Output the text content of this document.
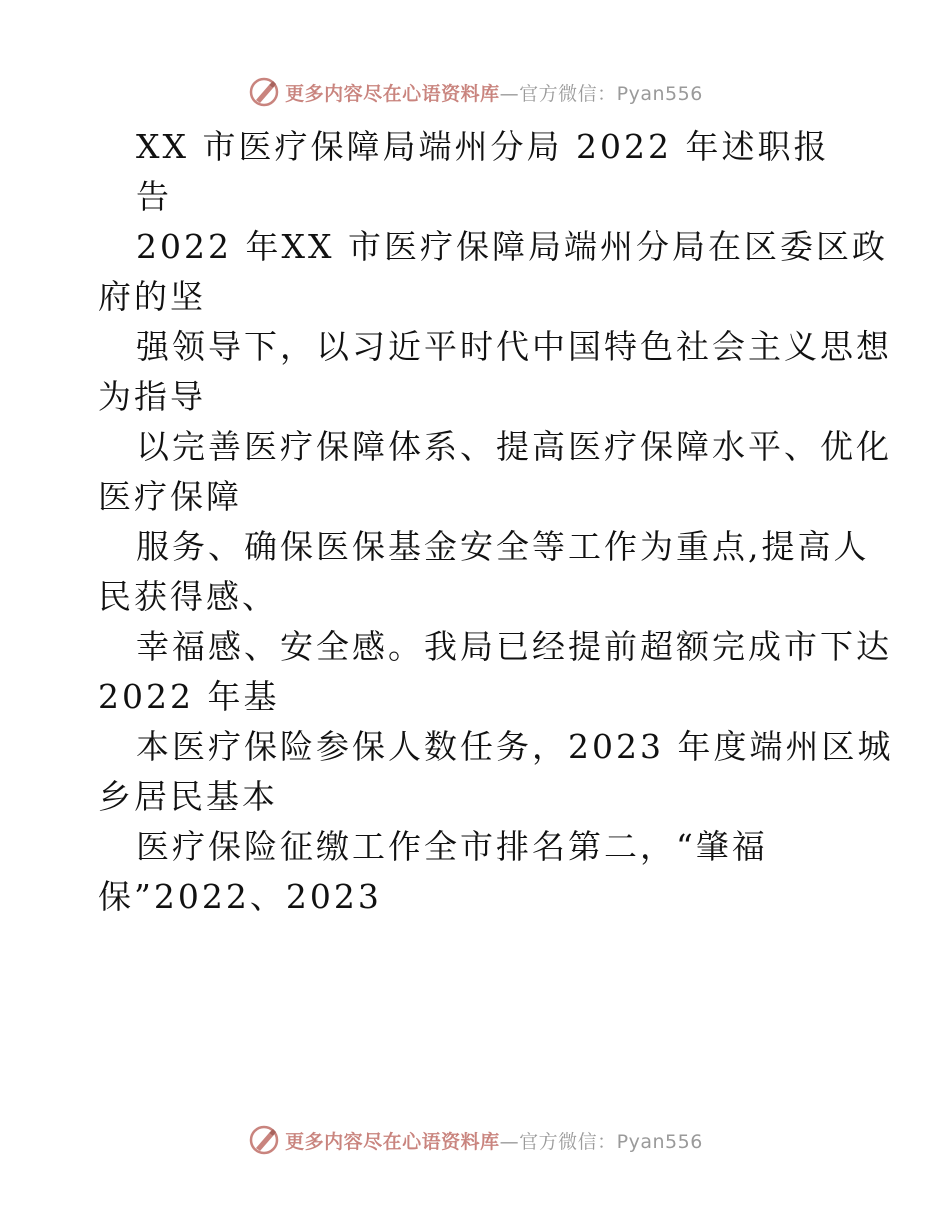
更多内容尽在心语资料库—官方微信：Pyan556
XX 市医疗保障局端州分局 2022 年述职报
告
2022 年XX 市医疗保障局端州分局在区委区政
府的坚
强领导下，以习近平时代中国特色社会主义思想
为指导
以完善医疗保障体系、提高医疗保障水平、优化
医疗保障
服务、确保医保基金安全等工作为重点,提高人
民获得感、
幸福感、安全感。我局已经提前超额完成市下达
2022 年基
本医疗保险参保人数任务，2023 年度端州区城
乡居民基本
医疗保险征缴工作全市排名第二，“肇福
保”2022、2023
更多内容尽在心语资料库—官方微信：Pyan556
